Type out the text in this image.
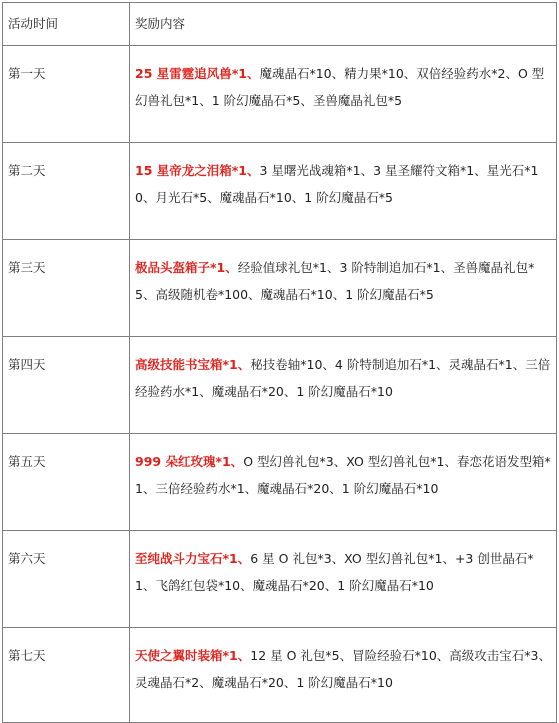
活动时间	奖励内容
第一天	25 星雷霆追风兽*1、魔魂晶石*10、精力果*10、双倍经验药水*2、O 型幻兽礼包*1、1 阶幻魔晶石*5、圣兽魔晶礼包*5
第二天	15 星帝龙之泪箱*1、3 星曙光战魂箱*1、3 星圣耀符文箱*1、星光石*10、月光石*5、魔魂晶石*10、1 阶幻魔晶石*5
第三天	极品头盔箱子*1、经验值球礼包*1、3 阶特制追加石*1、圣兽魔晶礼包*5、高级随机卷*100、魔魂晶石*10、1 阶幻魔晶石*5
第四天	高级技能书宝箱*1、秘技卷轴*10、4 阶特制追加石*1、灵魂晶石*1、三倍经验药水*1、魔魂晶石*20、1 阶幻魔晶石*10
第五天	999 朵红玫瑰*1、O 型幻兽礼包*3、XO 型幻兽礼包*1、春恋花语发型箱*1、三倍经验药水*1、魔魂晶石*20、1 阶幻魔晶石*10
第六天	至纯战斗力宝石*1、6 星 O 礼包*3、XO 型幻兽礼包*1、+3 创世晶石*1、飞鸽红包袋*10、魔魂晶石*20、1 阶幻魔晶石*10
第七天	天使之翼时装箱*1、12 星 O 礼包*5、冒险经验石*10、高级攻击宝石*3、灵魂晶石*2、魔魂晶石*20、1 阶幻魔晶石*10
